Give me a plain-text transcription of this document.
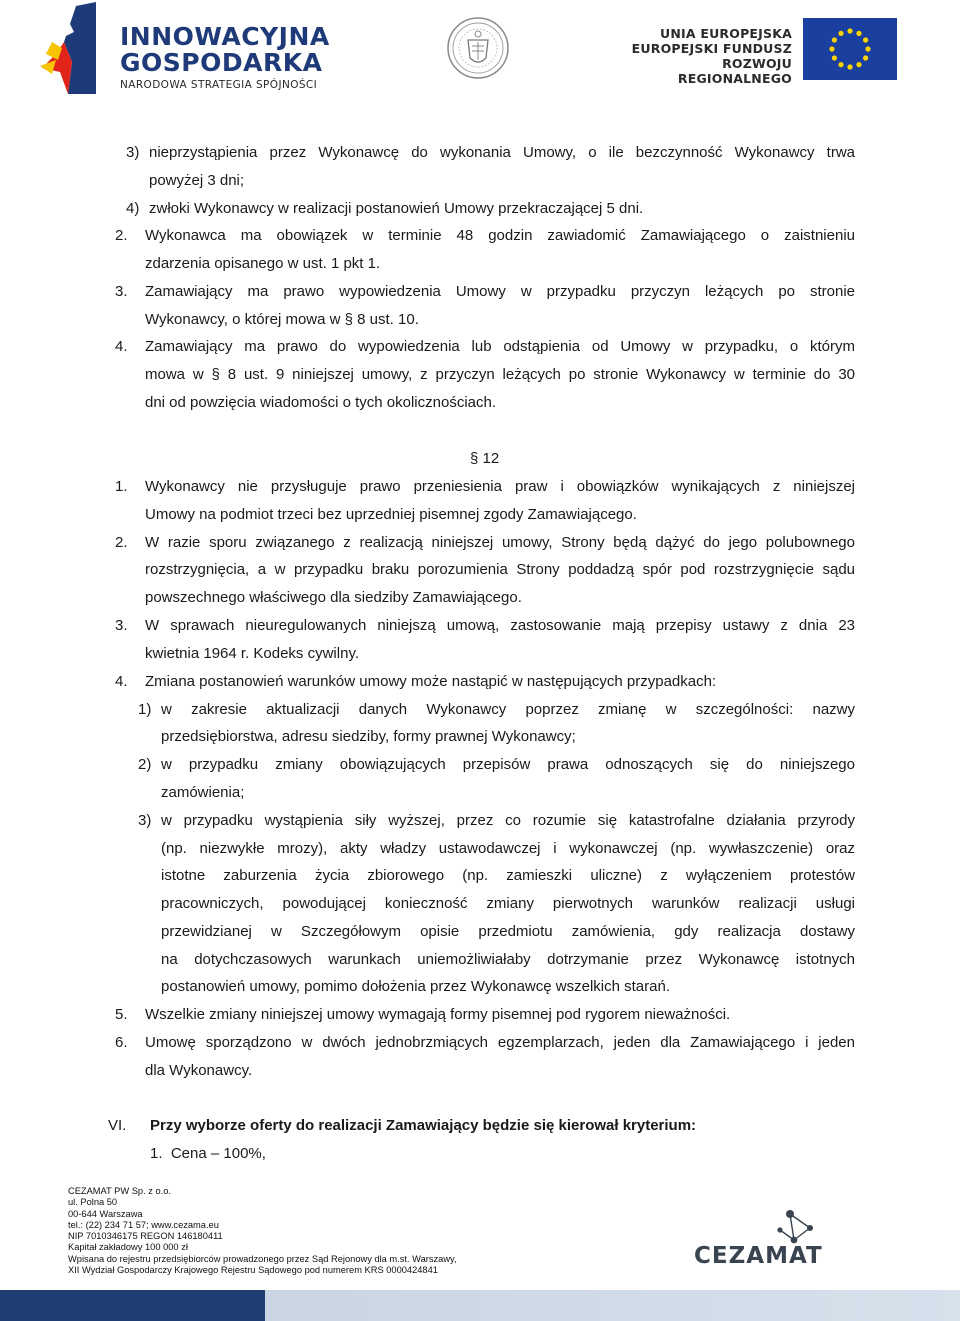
INNOWACYJNA
GOSPODARKA
NARODOWA STRATEGIA SPÓJNOŚCI
UNIA EUROPEJSKA
EUROPEJSKI FUNDUSZ
ROZWOJU REGIONALNEGO
3) nieprzystąpienia przez Wykonawcę do wykonania Umowy, o ile bezczynność Wykonawcy trwa
powyżej 3 dni;
4) zwłoki Wykonawcy w realizacji postanowień Umowy przekraczającej 5 dni.
2. Wykonawca ma obowiązek w terminie 48 godzin zawiadomić Zamawiającego o zaistnieniu
zdarzenia opisanego w ust. 1 pkt 1.
3. Zamawiający ma prawo wypowiedzenia Umowy w przypadku przyczyn leżących po stronie
Wykonawcy, o której mowa w § 8 ust. 10.
4. Zamawiający ma prawo do wypowiedzenia lub odstąpienia od Umowy w przypadku, o którym
mowa w § 8 ust. 9 niniejszej umowy, z przyczyn leżących po stronie Wykonawcy w terminie do 30
dni od powzięcia wiadomości o tych okolicznościach.
§ 12
1. Wykonawcy nie przysługuje prawo przeniesienia praw i obowiązków wynikających z niniejszej
Umowy na podmiot trzeci bez uprzedniej pisemnej zgody Zamawiającego.
2. W razie sporu związanego z realizacją niniejszej umowy, Strony będą dążyć do jego polubownego
rozstrzygnięcia, a w przypadku braku porozumienia Strony poddadzą spór pod rozstrzygnięcie sądu
powszechnego właściwego dla siedziby Zamawiającego.
3. W sprawach nieuregulowanych niniejszą umową, zastosowanie mają przepisy ustawy z dnia 23
kwietnia 1964 r. Kodeks cywilny.
4. Zmiana postanowień warunków umowy może nastąpić w następujących przypadkach:
1) w zakresie aktualizacji danych Wykonawcy poprzez zmianę w szczególności: nazwy
przedsiębiorstwa, adresu siedziby, formy prawnej Wykonawcy;
2) w przypadku zmiany obowiązujących przepisów prawa odnoszących się do niniejszego
zamówienia;
3) w przypadku wystąpienia siły wyższej, przez co rozumie się katastrofalne działania przyrody
(np. niezwykłe mrozy), akty władzy ustawodawczej i wykonawczej (np. wywłaszczenie) oraz
istotne zaburzenia życia zbiorowego (np. zamieszki uliczne) z wyłączeniem protestów
pracowniczych, powodującej konieczność zmiany pierwotnych warunków realizacji usługi
przewidzianej w Szczegółowym opisie przedmiotu zamówienia, gdy realizacja dostawy
na dotychczasowych warunkach uniemożliwiałaby dotrzymanie przez Wykonawcę istotnych
postanowień umowy, pomimo dołożenia przez Wykonawcę wszelkich starań.
5. Wszelkie zmiany niniejszej umowy wymagają formy pisemnej pod rygorem nieważności.
6. Umowę sporządzono w dwóch jednobrzmiących egzemplarzach, jeden dla Zamawiającego i jeden
dla Wykonawcy.
VI. Przy wyborze oferty do realizacji Zamawiający będzie się kierował kryterium:
1.  Cena – 100%,
CEZAMAT PW Sp. z o.o.
ul. Polna 50
00-644 Warszawa
tel.: (22) 234 71 57; www.cezama.eu
NIP 7010346175 REGON 146180411
Kapitał zakładowy 100 000 zł
Wpisana do rejestru przedsiębiorców prowadzonego przez Sąd Rejonowy dla m.st. Warszawy,
XII Wydział Gospodarczy Krajowego Rejestru Sądowego pod numerem KRS 0000424841
CEZAMAT
